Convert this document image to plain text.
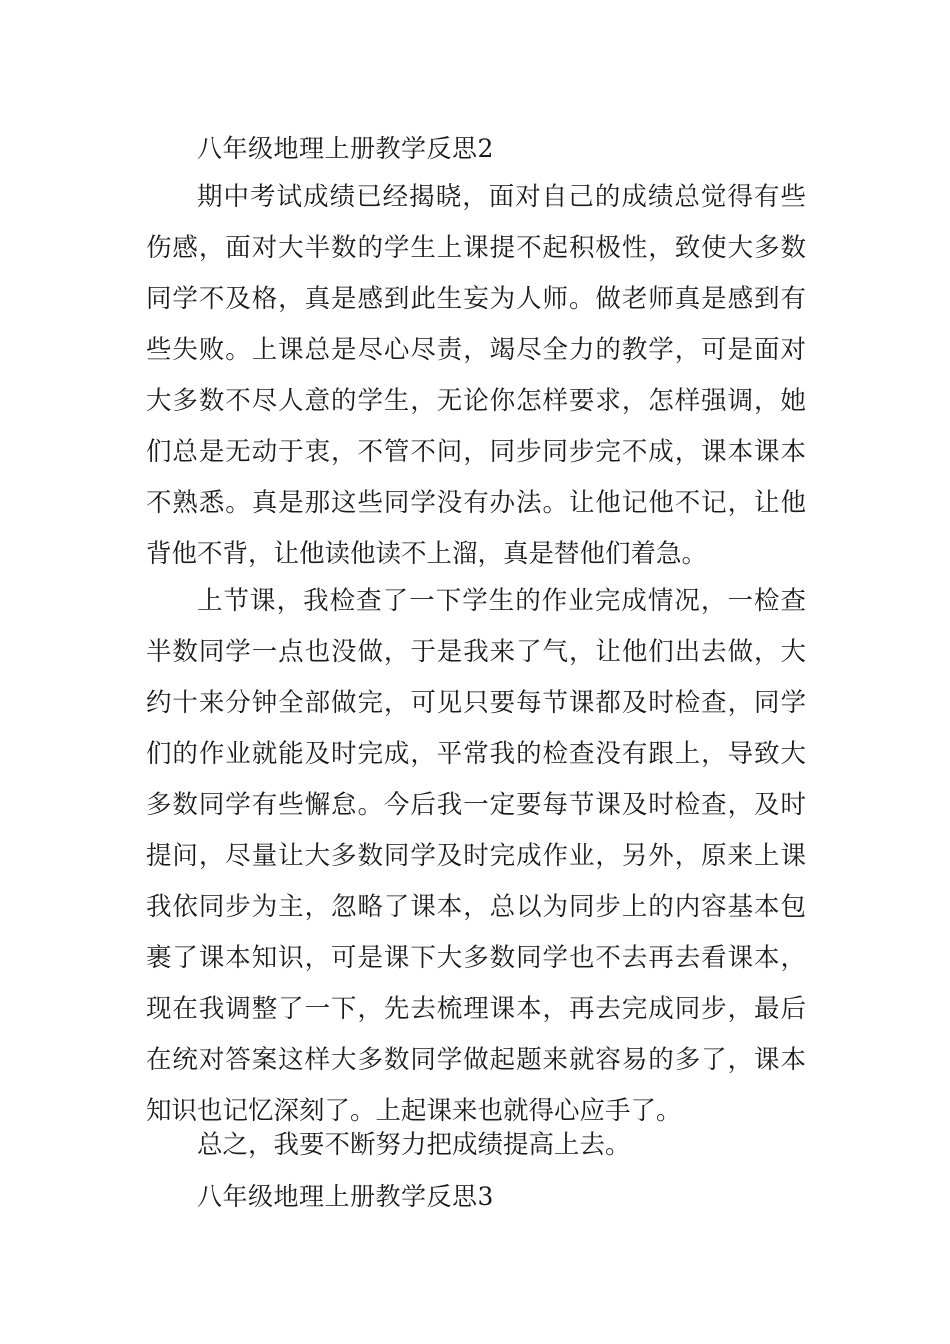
八年级地理上册教学反思2

期中考试成绩已经揭晓，面对自己的成绩总觉得有些伤感，面对大半数的学生上课提不起积极性，致使大多数同学不及格，真是感到此生妄为人师。做老师真是感到有些失败。上课总是尽心尽责，竭尽全力的教学，可是面对大多数不尽人意的学生，无论你怎样要求，怎样强调，她们总是无动于衷，不管不问，同步同步完不成，课本课本不熟悉。真是那这些同学没有办法。让他记他不记，让他背他不背，让他读他读不上溜，真是替他们着急。

上节课，我检查了一下学生的作业完成情况，一检查半数同学一点也没做，于是我来了气，让他们出去做，大约十来分钟全部做完，可见只要每节课都及时检查，同学们的作业就能及时完成，平常我的检查没有跟上，导致大多数同学有些懈怠。今后我一定要每节课及时检查，及时提问，尽量让大多数同学及时完成作业，另外，原来上课我依同步为主，忽略了课本，总以为同步上的内容基本包裹了课本知识，可是课下大多数同学也不去再去看课本，现在我调整了一下，先去梳理课本，再去完成同步，最后在统对答案这样大多数同学做起题来就容易的多了，课本知识也记忆深刻了。上起课来也就得心应手了。

总之，我要不断努力把成绩提高上去。

八年级地理上册教学反思3
